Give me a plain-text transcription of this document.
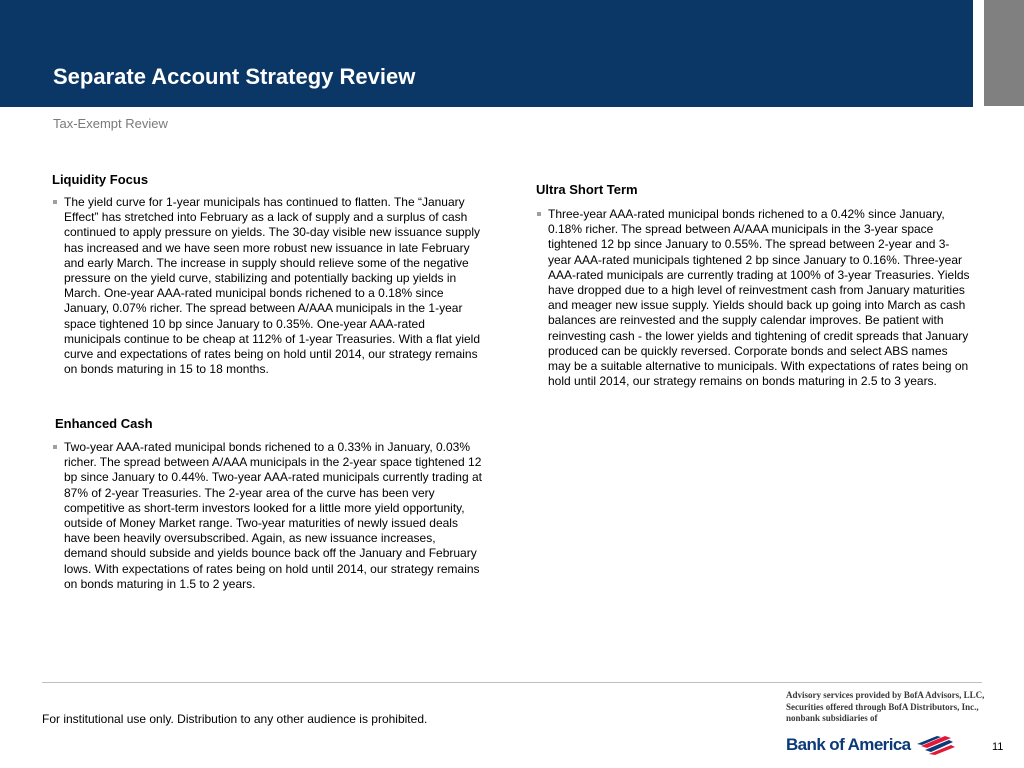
Separate Account Strategy Review
Tax-Exempt Review
Liquidity Focus

The yield curve for 1-year municipals has continued to flatten. The “January Effect” has stretched into February as a lack of supply and a surplus of cash continued to apply pressure on yields. The 30-day visible new issuance supply has increased and we have seen more robust new issuance in late February and early March. The increase in supply should relieve some of the negative pressure on the yield curve, stabilizing and potentially backing up yields in March. One-year AAA-rated municipal bonds richened to a 0.18% since January, 0.07% richer. The spread between A/AAA municipals in the 1-year space tightened 10 bp since January to 0.35%. One-year AAA-rated municipals continue to be cheap at 112% of 1-year Treasuries. With a flat yield curve and expectations of rates being on hold until 2014, our strategy remains on bonds maturing in 15 to 18 months.

Enhanced Cash

Two-year AAA-rated municipal bonds richened to a 0.33% in January, 0.03% richer. The spread between A/AAA municipals in the 2-year space tightened 12 bp since January to 0.44%. Two-year AAA-rated municipals currently trading at 87% of 2-year Treasuries. The 2-year area of the curve has been very competitive as short-term investors looked for a little more yield opportunity, outside of Money Market range. Two-year maturities of newly issued deals have been heavily oversubscribed. Again, as new issuance increases, demand should subside and yields bounce back off the January and February lows. With expectations of rates being on hold until 2014, our strategy remains on bonds maturing in 1.5 to 2 years.

Ultra Short Term

Three-year AAA-rated municipal bonds richened to a 0.42% since January, 0.18% richer. The spread between A/AAA municipals in the 3-year space tightened 12 bp since January to 0.55%. The spread between 2-year and 3-year AAA-rated municipals tightened 2 bp since January to 0.16%. Three-year AAA-rated municipals are currently trading at 100% of 3-year Treasuries. Yields have dropped due to a high level of reinvestment cash from January maturities and meager new issue supply. Yields should back up going into March as cash balances are reinvested and the supply calendar improves. Be patient with reinvesting cash - the lower yields and tightening of credit spreads that January produced can be quickly reversed. Corporate bonds and select ABS names may be a suitable alternative to municipals. With expectations of rates being on hold until 2014, our strategy remains on bonds maturing in 2.5 to 3 years.

For institutional use only. Distribution to any other audience is prohibited.
Advisory services provided by BofA Advisors, LLC,
Securities offered through BofA Distributors, Inc.,
nonbank subsidiaries of
Bank of America	11
